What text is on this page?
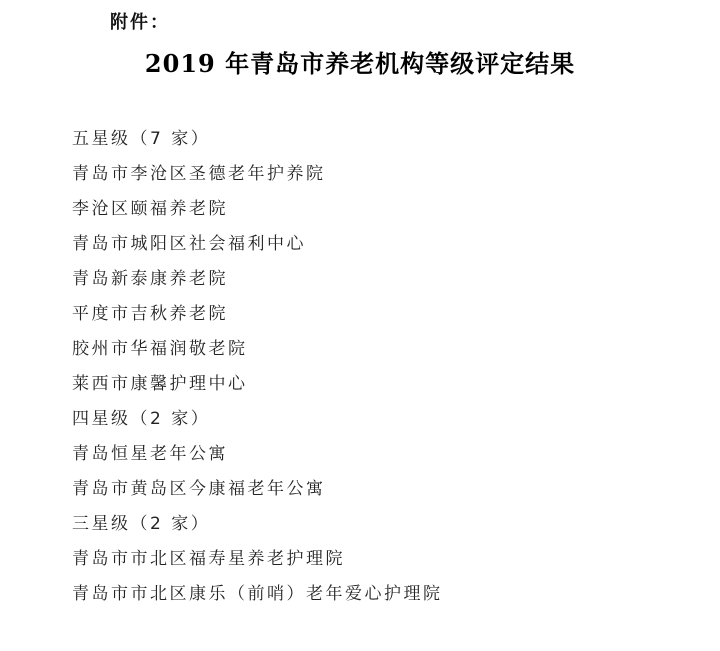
附件：
2019 年青岛市养老机构等级评定结果
五星级（7 家）
青岛市李沧区圣德老年护养院
李沧区颐福养老院
青岛市城阳区社会福利中心
青岛新泰康养老院
平度市吉秋养老院
胶州市华福润敬老院
莱西市康馨护理中心
四星级（2 家）
青岛恒星老年公寓
青岛市黄岛区今康福老年公寓
三星级（2 家）
青岛市市北区福寿星养老护理院
青岛市市北区康乐（前哨）老年爱心护理院
